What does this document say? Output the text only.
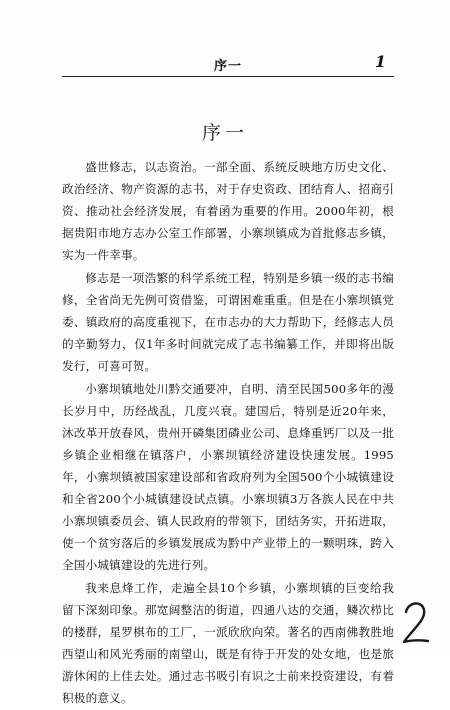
序一	1
序一

盛世修志，以志资治。一部全面、系统反映地方历史文化、政治经济、物产资源的志书，对于存史资政、团结育人、招商引资、推动社会经济发展，有着函为重要的作用。2000年初，根据贵阳市地方志办公室工作部署，小寨坝镇成为首批修志乡镇，实为一件幸事。

修志是一项浩繁的科学系统工程，特别是乡镇一级的志书编修，全省尚无先例可资借鉴，可谓困难重重。但是在小寨坝镇党委、镇政府的高度重视下，在市志办的大力帮助下，经修志人员的辛勤努力，仅1年多时间就完成了志书编纂工作，并即将出版发行，可喜可贺。

小寨坝镇地处川黔交通要冲，自明、清至民国500多年的漫长岁月中，历经战乱，几度兴衰。建国后，特别是近20年来，沐改革开放春风，贵州开磷集团磷业公司、息烽重钙厂以及一批乡镇企业相继在镇落户，小寨坝镇经济建设快速发展。1995年，小寨坝镇被国家建设部和省政府列为全国500个小城镇建设和全省200个小城镇建设试点镇。小寨坝镇3万各族人民在中共小寨坝镇委员会、镇人民政府的带领下，团结务实，开拓进取，使一个贫穷落后的乡镇发展成为黔中产业带上的一颗明珠，跨入全国小城镇建设的先进行列。

我来息烽工作，走遍全县10个乡镇，小寨坝镇的巨变给我留下深刻印象。那宽阔整洁的街道，四通八达的交通，鳞次栉比的楼群，星罗棋布的工厂，一派欣欣向荣。著名的西南佛教胜地西望山和风光秀丽的南望山，既是有待于开发的处女地，也是旅游休闲的上佳去处。通过志书吸引有识之士前来投资建设，有着积极的意义。
